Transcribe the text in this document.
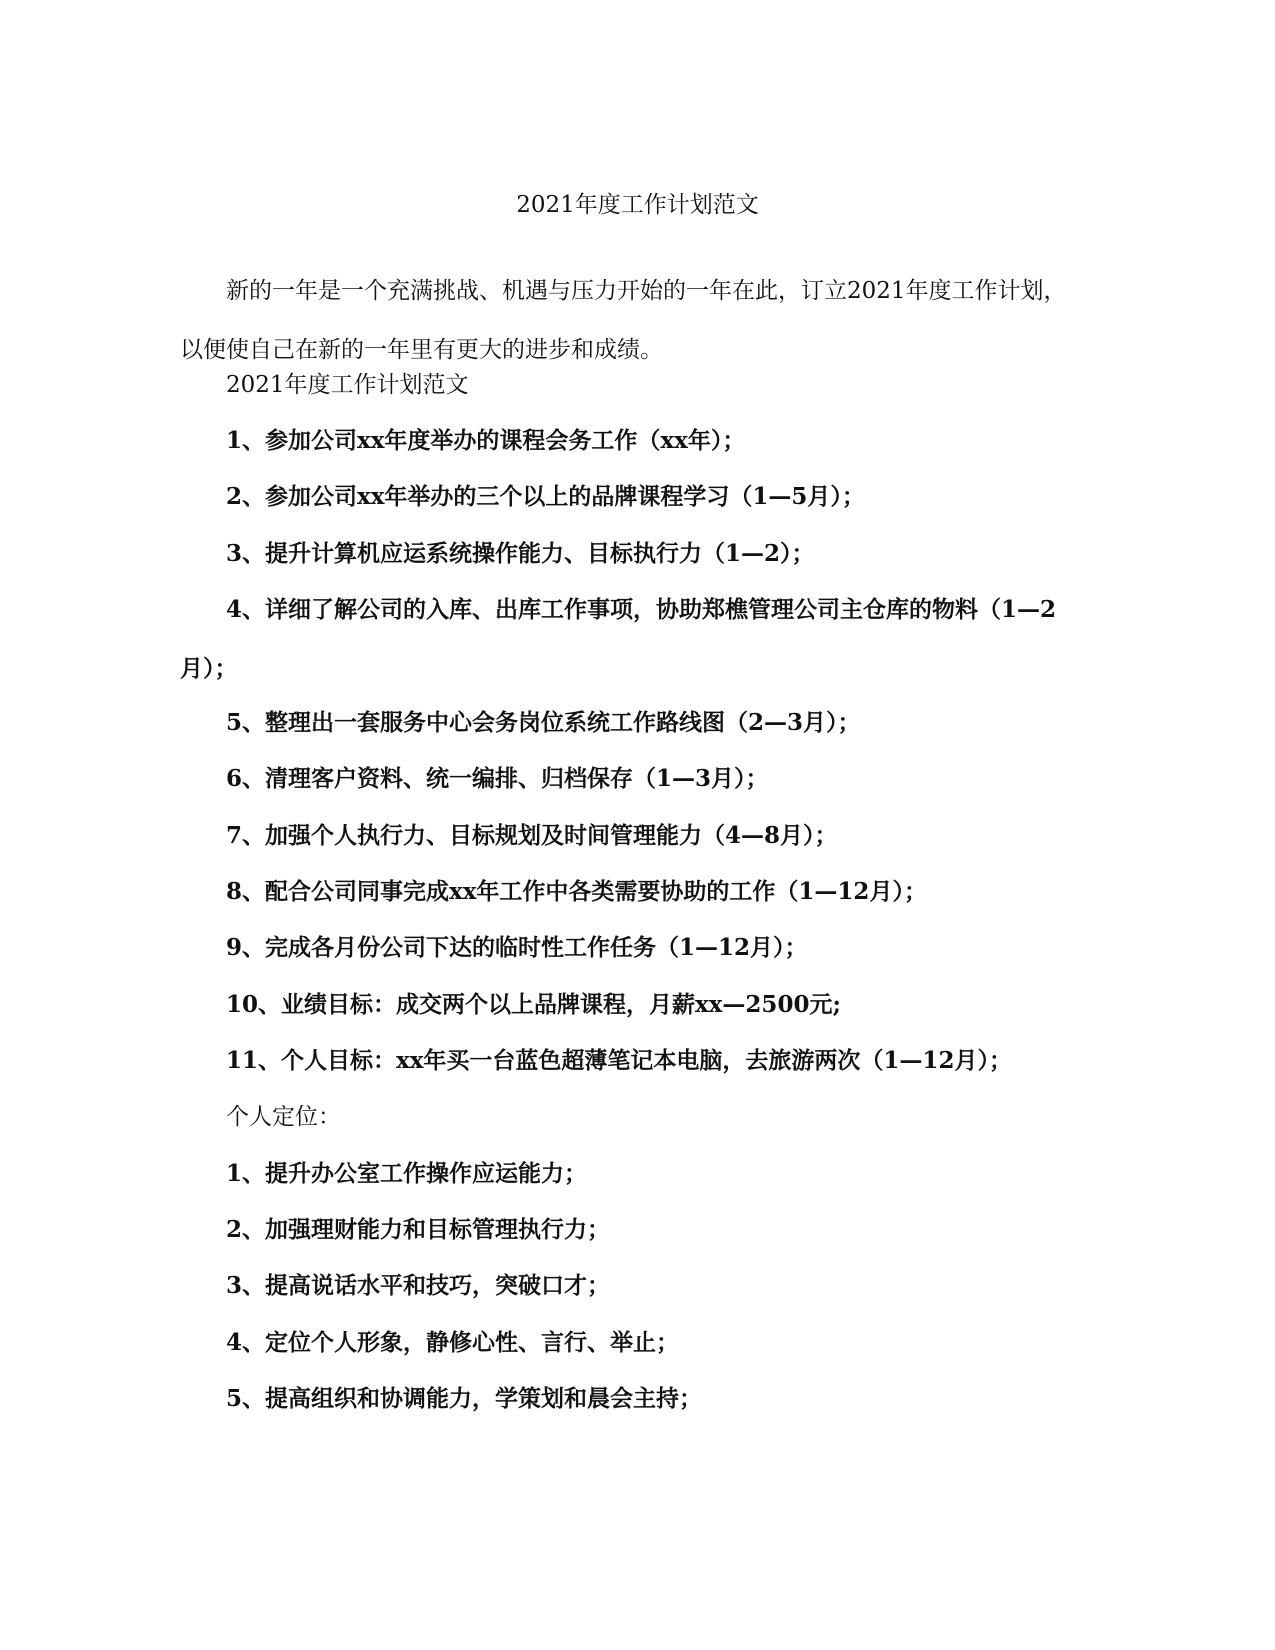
2021年度工作计划范文

新的一年是一个充满挑战、机遇与压力开始的一年在此，订立2021年度工作计划，以便使自己在新的一年里有更大的进步和成绩。

2021年度工作计划范文

1、参加公司xx年度举办的课程会务工作（xx年）；

2、参加公司xx年举办的三个以上的品牌课程学习（1—5月）；

3、提升计算机应运系统操作能力、目标执行力（1—2）；

4、详细了解公司的入库、出库工作事项，协助郑樵管理公司主仓库的物料（1—2月）；

5、整理出一套服务中心会务岗位系统工作路线图（2—3月）；

6、清理客户资料、统一编排、归档保存（1—3月）；

7、加强个人执行力、目标规划及时间管理能力（4—8月）；

8、配合公司同事完成xx年工作中各类需要协助的工作（1—12月）；

9、完成各月份公司下达的临时性工作任务（1—12月）；

10、业绩目标：成交两个以上品牌课程，月薪xx—2500元;

11、个人目标：xx年买一台蓝色超薄笔记本电脑，去旅游两次（1—12月）；

个人定位：

1、提升办公室工作操作应运能力；

2、加强理财能力和目标管理执行力；

3、提高说话水平和技巧，突破口才；

4、定位个人形象，静修心性、言行、举止；

5、提高组织和协调能力，学策划和晨会主持；
